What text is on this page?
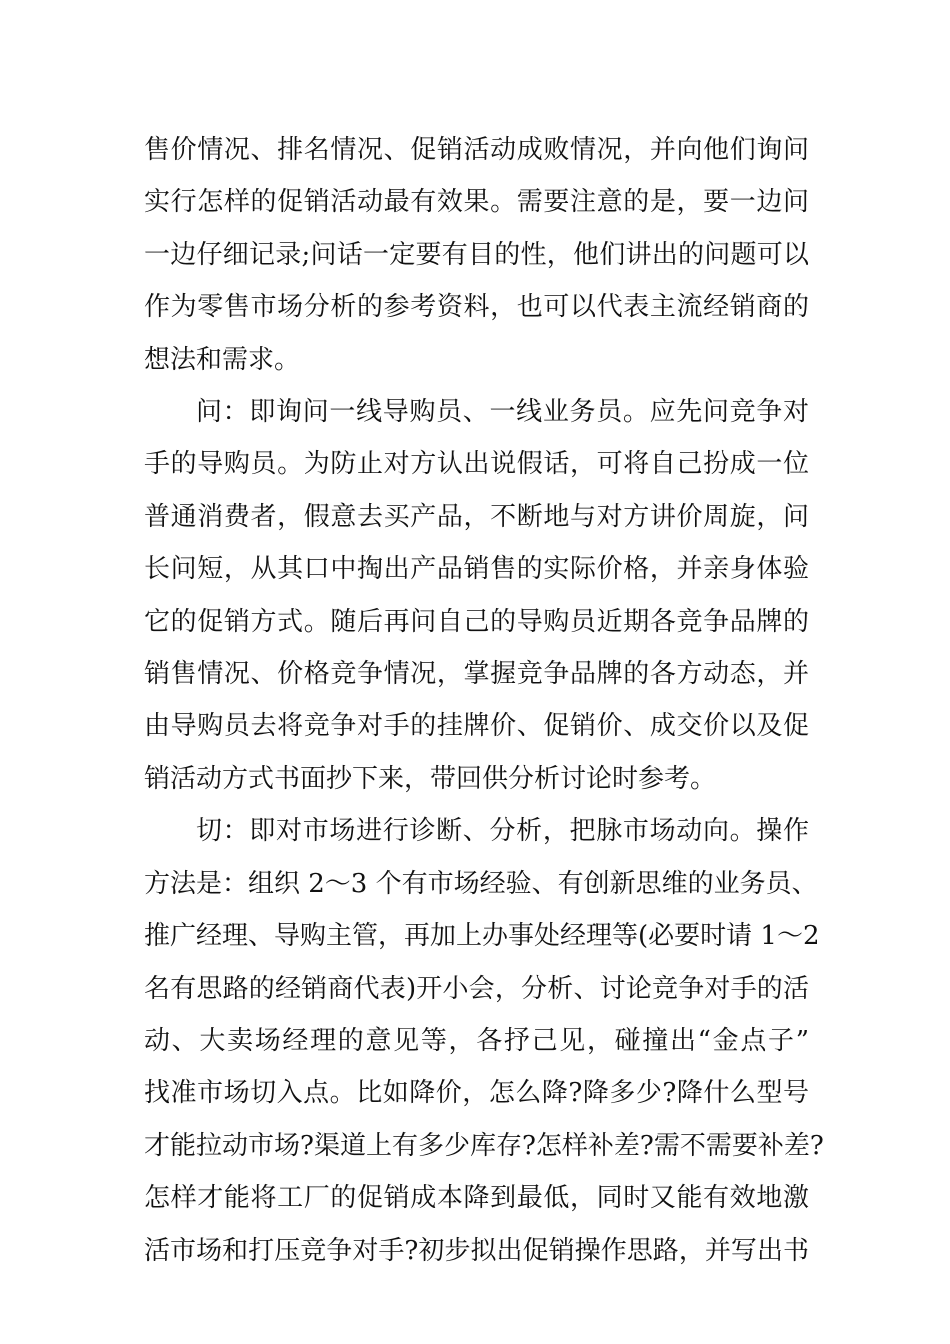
售价情况、排名情况、促销活动成败情况，并向他们询问
实行怎样的促销活动最有效果。需要注意的是，要一边问
一边仔细记录;问话一定要有目的性，他们讲出的问题可以
作为零售市场分析的参考资料，也可以代表主流经销商的
想法和需求。

问：即询问一线导购员、一线业务员。应先问竞争对
手的导购员。为防止对方认出说假话，可将自己扮成一位
普通消费者，假意去买产品，不断地与对方讲价周旋，问
长问短，从其口中掏出产品销售的实际价格，并亲身体验
它的促销方式。随后再问自己的导购员近期各竞争品牌的
销售情况、价格竞争情况，掌握竞争品牌的各方动态，并
由导购员去将竞争对手的挂牌价、促销价、成交价以及促
销活动方式书面抄下来，带回供分析讨论时参考。

切：即对市场进行诊断、分析，把脉市场动向。操作
方法是：组织 2～3 个有市场经验、有创新思维的业务员、
推广经理、导购主管，再加上办事处经理等(必要时请 1～2
名有思路的经销商代表)开小会，分析、讨论竞争对手的活
动、大卖场经理的意见等，各抒己见，碰撞出“金点子”
找准市场切入点。比如降价，怎么降?降多少?降什么型号
才能拉动市场?渠道上有多少库存?怎样补差?需不需要补差?
怎样才能将工厂的促销成本降到最低，同时又能有效地激
活市场和打压竞争对手?初步拟出促销操作思路，并写出书
